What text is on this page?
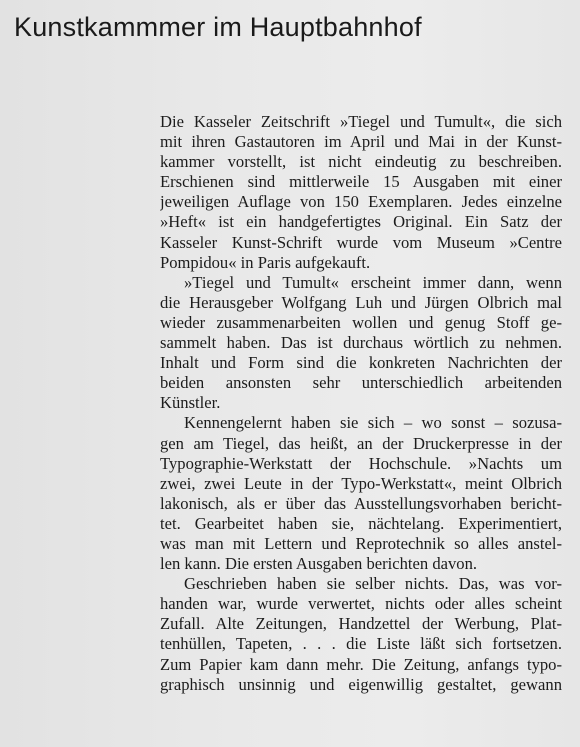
Kunstkammmer im Hauptbahnhof

Die Kasseler Zeitschrift »Tiegel und Tumult«, die sich
mit ihren Gastautoren im April und Mai in der Kunst-
kammer vorstellt, ist nicht eindeutig zu beschreiben.
Erschienen sind mittlerweile 15 Ausgaben mit einer
jeweiligen Auflage von 150 Exemplaren. Jedes einzelne
»Heft« ist ein handgefertigtes Original. Ein Satz der
Kasseler Kunst-Schrift wurde vom Museum »Centre
Pompidou« in Paris aufgekauft.

»Tiegel und Tumult« erscheint immer dann, wenn
die Herausgeber Wolfgang Luh und Jürgen Olbrich mal
wieder zusammenarbeiten wollen und genug Stoff ge-
sammelt haben. Das ist durchaus wörtlich zu nehmen.
Inhalt und Form sind die konkreten Nachrichten der
beiden ansonsten sehr unterschiedlich arbeitenden
Künstler.

Kennengelernt haben sie sich – wo sonst – sozusa-
gen am Tiegel, das heißt, an der Druckerpresse in der
Typographie-Werkstatt der Hochschule. »Nachts um
zwei, zwei Leute in der Typo-Werkstatt«, meint Olbrich
lakonisch, als er über das Ausstellungsvorhaben bericht-
tet. Gearbeitet haben sie, nächtelang. Experimentiert,
was man mit Lettern und Reprotechnik so alles anstel-
len kann. Die ersten Ausgaben berichten davon.

Geschrieben haben sie selber nichts. Das, was vor-
handen war, wurde verwertet, nichts oder alles scheint
Zufall. Alte Zeitungen, Handzettel der Werbung, Plat-
tenhüllen, Tapeten, . . . die Liste läßt sich fortsetzen.
Zum Papier kam dann mehr. Die Zeitung, anfangs typo-
graphisch unsinnig und eigenwillig gestaltet, gewann
